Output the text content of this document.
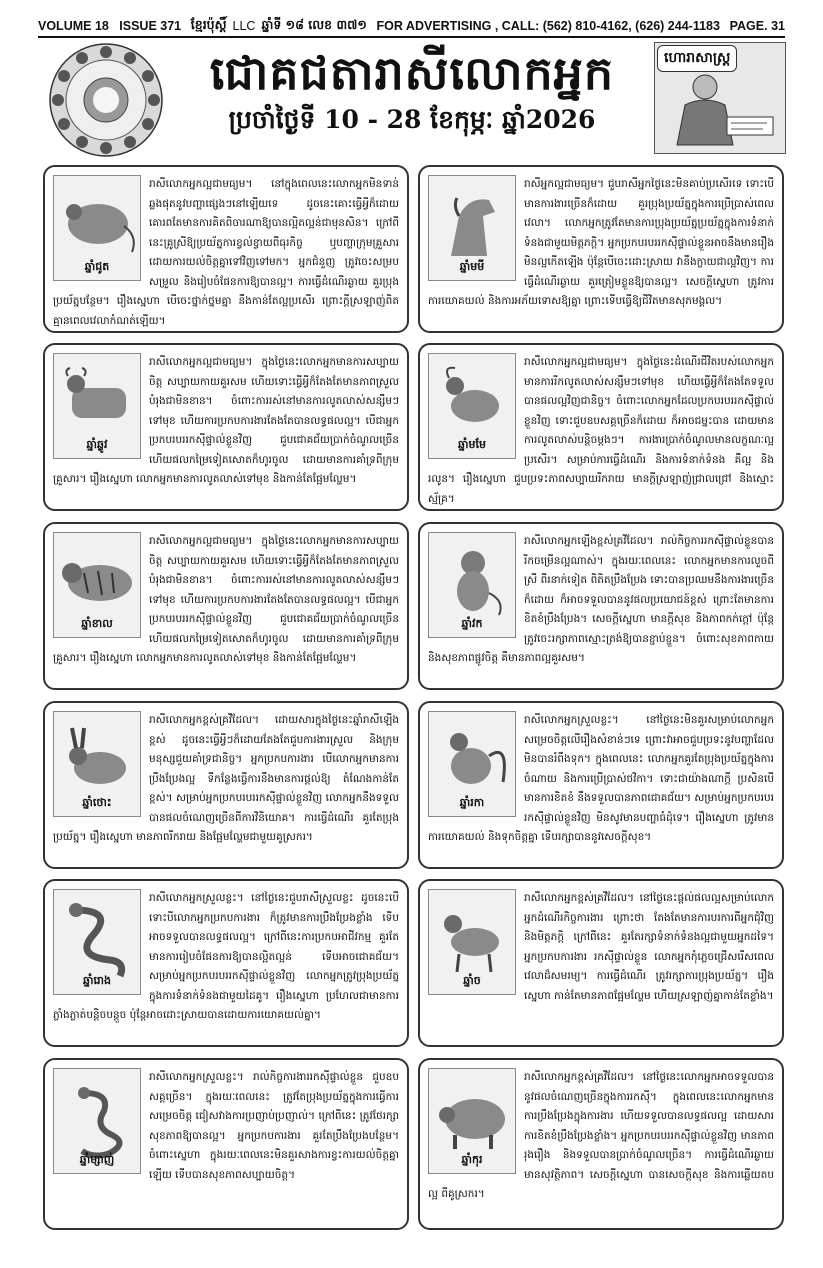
VOLUME 18 ISSUE 371 ខ្មែរប៉ុស្តិ៍ LLC ឆ្នាំទី ១៨ លេខ ៣៧១ FOR ADVERTISING , CALL: (562) 810-4162, (626) 244-1183 PAGE. 31
ជោគជតារាសីលោកអ្នក
ប្រចាំថ្ងៃទី 10 - 28 ខែកុម្ភៈ ឆ្នាំ2026
ហោរាសាស្ត្រ
ឆ្នាំជូត

រាសីលោកអ្នកល្អជាមធ្យម។ នៅក្នុងពេលនេះលោកអ្នកមិនទាន់ឆ្លងផុតនូវបញ្ហាផ្សេងៗនៅឡើយទេ ដូចនេះគោះធ្វើអ្វីក៏ដោយ គោរពតែមានការគិតពិចារណាឱ្យបានល្អិតល្អន់ជាមុនសិន។ ក្រៅពីនេះគ្រូស្រីឱ្យប្រយ័ត្នការខ្វល់ខ្វាយពីធុរកិច្ច ឬបញ្ហាក្រុមគ្រួសារ ដោយការយល់ចិត្តគ្នាទៅវិញទៅមក។ អ្នកជំនួញ ត្រូវចេះសម្របសម្រួល និងរៀបចំផែនការឱ្យបានល្អ។ ការធ្វើដំណើរឆ្ងាយ គួរប្រុងប្រយ័ត្នបន្ថែម។ រឿងស្នេហា បើចេះថ្នាក់ថ្នមគ្នា នឹងកាន់តែល្អប្រសើរ ព្រោះក្តីស្រឡាញ់ពិតគ្មានពេលវេលាកំណត់ឡើយ។

ឆ្នាំមមី

រាសីអ្នកល្អជាមធ្យម។ ជួបរាសីអ្នកថ្ងៃនេះមិនគាប់ប្រសើរទេ ទោះបើមានការងារច្រើនក៏ដោយ គួរប្រុងប្រយ័ត្នក្នុងការប្រើប្រាស់ពេលវេលា។ លោកអ្នកត្រូវតែមានការប្រុងប្រយ័ត្នប្រយ័ត្នក្នុងការទំនាក់ទំនងជាមួយមិត្តភក្តិ។ អ្នកប្រកបរបររកស៊ីផ្ទាល់ខ្លួនអាចនឹងមានរឿងមិនល្អកើតឡើង ប៉ុន្តែបើចេះដោះស្រាយ វានឹងក្លាយជាល្អវិញ។ ការធ្វើដំណើរឆ្ងាយ គួរត្រៀមខ្លួនឱ្យបានល្អ។ សេចក្តីស្នេហា ត្រូវការការយោគយល់ និងការអភ័យទោសឱ្យគ្នា ព្រោះទើបធ្វើឱ្យជីវិតមានសុភមង្គល។

ឆ្នាំឆ្លូវ

រាសីលោកអ្នកល្អជាមធ្យម។ ក្នុងថ្ងៃនេះលោកអ្នកមានការសប្បាយចិត្ត សប្បាយកាយគួរសម ហើយទោះធ្វើអ្វីក៏តែងតែមានភាពស្រួលបំរុងជាមិនខាន។ ចំពោះការរស់នៅមានការលូតលាស់សន្សឹមៗទៅមុខ ហើយការប្រកបការងារតែងតែបានលទ្ធផលល្អ។ បើជាអ្នកប្រកបរបររកស៊ីផ្ទាល់ខ្លួនវិញ ជួបជោគជ័យប្រាក់ចំណូលច្រើន ហើយផលកម្រៃទៀតសោតក៏ហូរចូល ដោយមានការគាំទ្រពីក្រុមគ្រួសារ។ រឿងស្នេហា លោកអ្នកមានការលូតលាស់ទៅមុខ និងកាន់តែផ្អែមល្ហែម។

ឆ្នាំមមែ

រាសីលោកអ្នកល្អជាមធ្យម។ ក្នុងថ្ងៃនេះដំណើរជីវិតរបស់លោកអ្នកមានការរីកលូតលាស់សន្សឹមៗទៅមុខ ហើយធ្វើអ្វីក៏តែងតែទទួលបានផលល្អវិញជានិច្ច។ ចំពោះលោកអ្នកដែលប្រកបរបររកស៊ីផ្ទាល់ខ្លួនវិញ ទោះជួបឧបសគ្គច្រើនក៏ដោយ ក៏អាចជម្នះបាន ដោយមានការលូតលាស់បន្តិចម្តងៗ។ ការងារប្រាក់ចំណូលមានលក្ខណៈល្អប្រសើរ។ សម្រាប់ការធ្វើដំណើរ និងការទំនាក់ទំនង គឺល្អ និងរលូន។ រឿងស្នេហា ជួបប្រទះភាពសប្បាយរីករាយ មានក្តីស្រឡាញ់ជ្រាលជ្រៅ និងស្មោះស្ម័គ្រ។

ឆ្នាំខាល

រាសីលោកអ្នកល្អជាមធ្យម។ ក្នុងថ្ងៃនេះលោកអ្នកមានការសប្បាយចិត្ត សប្បាយកាយគួរសម ហើយទោះធ្វើអ្វីក៏តែងតែមានភាពស្រួលបំរុងជាមិនខាន។ ចំពោះការរស់នៅមានការលូតលាស់សន្សឹមៗទៅមុខ ហើយការប្រកបការងារតែងតែបានលទ្ធផលល្អ។ បើជាអ្នកប្រកបរបររកស៊ីផ្ទាល់ខ្លួនវិញ ជួបជោគជ័យប្រាក់ចំណូលច្រើន ហើយផលកម្រៃទៀតសោតក៏ហូរចូល ដោយមានការគាំទ្រពីក្រុមគ្រួសារ។ រឿងស្នេហា លោកអ្នកមានការលូតលាស់ទៅមុខ និងកាន់តែផ្អែមល្ហែម។

ឆ្នាំវក

រាសីលោកអ្នកឡើងខ្ពស់គ្រវីដែល។ រាល់កិច្ចការរកស៊ីផ្ទាល់ខ្លួនបានរីកចម្រើនល្អណាស់។ ក្នុងរយៈពេលនេះ លោកអ្នកមានការលួចពីស្រី ពីរនាក់ទៀត ពិតិតប្រឹងប្រែង ទោះបានប្រឈមនឹងការងារច្រើនក៏ដោយ ក៏អាចទទួលបាននូវផលប្រយោជន៍ខ្ពស់ ព្រោះតែមានការខិតខំប្រឹងប្រែង។ សេចក្តីស្នេហា មានក្តីសុខ និងភាពកក់ក្តៅ ប៉ុន្តែត្រូវចេះរក្សាភាពស្មោះត្រង់ឱ្យបានខ្ជាប់ខ្ជួន។ ចំពោះសុខភាពកាយ និងសុខភាពផ្លូវចិត្ត គឺមានភាពល្អគួរសម។

ឆ្នាំថោះ

រាសីលោកអ្នកខ្ពស់គ្រវីដែល។ ដោយសារក្នុងថ្ងៃនេះឆ្នាំរាសីឡើងខ្ពស់ ដូចនេះធ្វើអ្វីៗក៏ដោយតែងតែជួបការងារស្រួល និងក្រុមមនុស្សជួយគាំទ្រជានិច្ច។ អ្នកប្រកបការងារ បើលោកអ្នកមានការប្រឹងប្រែងល្អ ទីកន្លែងធ្វើការនឹងមានការផ្តល់ឱ្យ តំណែងកាន់តែខ្ពស់។ សម្រាប់អ្នកប្រកបរបររកស៊ីផ្ទាល់ខ្លួនវិញ លោកអ្នកនឹងទទួលបានផលចំណេញច្រើនពីការវិនិយោគ។ ការធ្វើដំណើរ គួរតែប្រុងប្រយ័ត្ន។ រឿងស្នេហា មានភាពរីករាយ និងផ្អែមល្ហែមជាមួយគូស្រករ។

ឆ្នាំរកា

រាសីលោកអ្នកស្រួលខ្លះ។ នៅថ្ងៃនេះមិនគួរសម្រាប់លោកអ្នកសម្រេចចិត្តលើរឿងសំខាន់ៗទេ ព្រោះវាអាចជួបប្រទះនូវបញ្ហាដែលមិនបានរំពឹងទុក។ ក្នុងពេលនេះ លោកអ្នកគួរតែប្រុងប្រយ័ត្នក្នុងការចំណាយ និងការប្រើប្រាស់ថវិកា។ ទោះជាយ៉ាងណាក្តី ប្រសិនបើមានការខិតខំ នឹងទទួលបានភាពជោគជ័យ។ សម្រាប់អ្នកប្រកបរបររកស៊ីផ្ទាល់ខ្លួនវិញ មិនសូវមានបញ្ហាធំដុំទេ។ រឿងស្នេហា ត្រូវមានការយោគយល់ និងទុកចិត្តគ្នា ទើបរក្សាបាននូវសេចក្តីសុខ។

ឆ្នាំរោង

រាសីលោកអ្នកស្រួលខ្លះ។ នៅថ្ងៃនេះជួបរាសីស្រួលខ្លះ ដូចនេះបើទោះបីលោកអ្នកប្រកបការងារ ក៏ត្រូវមានការប្រឹងប្រែងខ្លាំង ទើបអាចទទួលបានលទ្ធផលល្អ។ ក្រៅពីនេះការប្រកបអាជីវកម្ម គួរតែមានការរៀបចំផែនការឱ្យបានល្អិតល្អន់ ទើបអាចជោគជ័យ។ សម្រាប់អ្នកប្រកបរបររកស៊ីផ្ទាល់ខ្លួនវិញ លោកអ្នកត្រូវប្រុងប្រយ័ត្ន ក្នុងការទំនាក់ទំនងជាមួយដៃគូ។ រឿងស្នេហា ប្រហែលជាមានការភ្លាំងភ្លាត់បន្តិចបន្តួច ប៉ុន្តែអាចដោះស្រាយបានដោយការយោគយល់គ្នា។

ឆ្នាំច

រាសីលោកអ្នកខ្ពស់គ្រវីដែល។ នៅថ្ងៃនេះផ្តល់ផលល្អសម្រាប់លោកអ្នកដំណើរកិច្ចការងារ ព្រោះថា តែងតែមានការបរការពីអ្នកជុំវិញ និងមិត្តភក្តិ ក្រៅពីនេះ គួរតែរក្សាទំនាក់ទំនងល្អជាមួយអ្នកដទៃ។ អ្នកប្រកបការងារ រកស៊ីផ្ទាល់ខ្លួន លោកអ្នកកុំភ្លេចជ្រើសរើសពេលវេលាដ៏សមរម្យ។ ការធ្វើដំណើរ ត្រូវរក្សាការប្រុងប្រយ័ត្ន។ រឿងស្នេហា កាន់តែមានភាពផ្អែមល្ហែម ហើយស្រឡាញ់គ្នាកាន់តែខ្លាំង។

ឆ្នាំម្សាញ់

រាសីលោកអ្នកស្រួលខ្លះ។ រាល់កិច្ចការងាររកស៊ីផ្ទាល់ខ្លួន ជួបឧបសគ្គច្រើន។ ក្នុងរយៈពេលនេះ ត្រូវតែប្រុងប្រយ័ត្នក្នុងការធ្វើការសម្រេចចិត្ត ជៀសវាងការប្រញាប់ប្រញាល់។ ក្រៅពីនេះ ត្រូវថែរក្សាសុខភាពឱ្យបានល្អ។ អ្នកប្រកបការងារ គួរតែប្រឹងប្រែងបន្ថែម។ ចំពោះស្នេហា ក្នុងរយៈពេលនេះមិនគួរសាងការខ្វះការយល់ចិត្តគ្នាឡើយ ទើបបានសុខភាពសប្បាយចិត្ត។

ឆ្នាំកុរ

រាសីលោកអ្នកខ្ពស់គ្រវីដែល។ នៅថ្ងៃនេះលោកអ្នកអាចទទួលបាននូវផលចំណេញច្រើនក្នុងការរកស៊ី។ ក្នុងពេលនេះលោកអ្នកមានការប្រឹងប្រែងក្នុងការងារ ហើយទទួលបានលទ្ធផលល្អ ដោយសារការខិតខំប្រឹងប្រែងខ្លាំង។ អ្នកប្រកបរបររកស៊ីផ្ទាល់ខ្លួនវិញ មានភាពរុងរឿង និងទទួលបានប្រាក់ចំណូលច្រើន។ ការធ្វើដំណើរឆ្ងាយ មានសុវត្ថិភាព។ សេចក្តីស្នេហា បានសេចក្តីសុខ និងការឆ្លើយតបល្អ ពីគូស្រករ។
